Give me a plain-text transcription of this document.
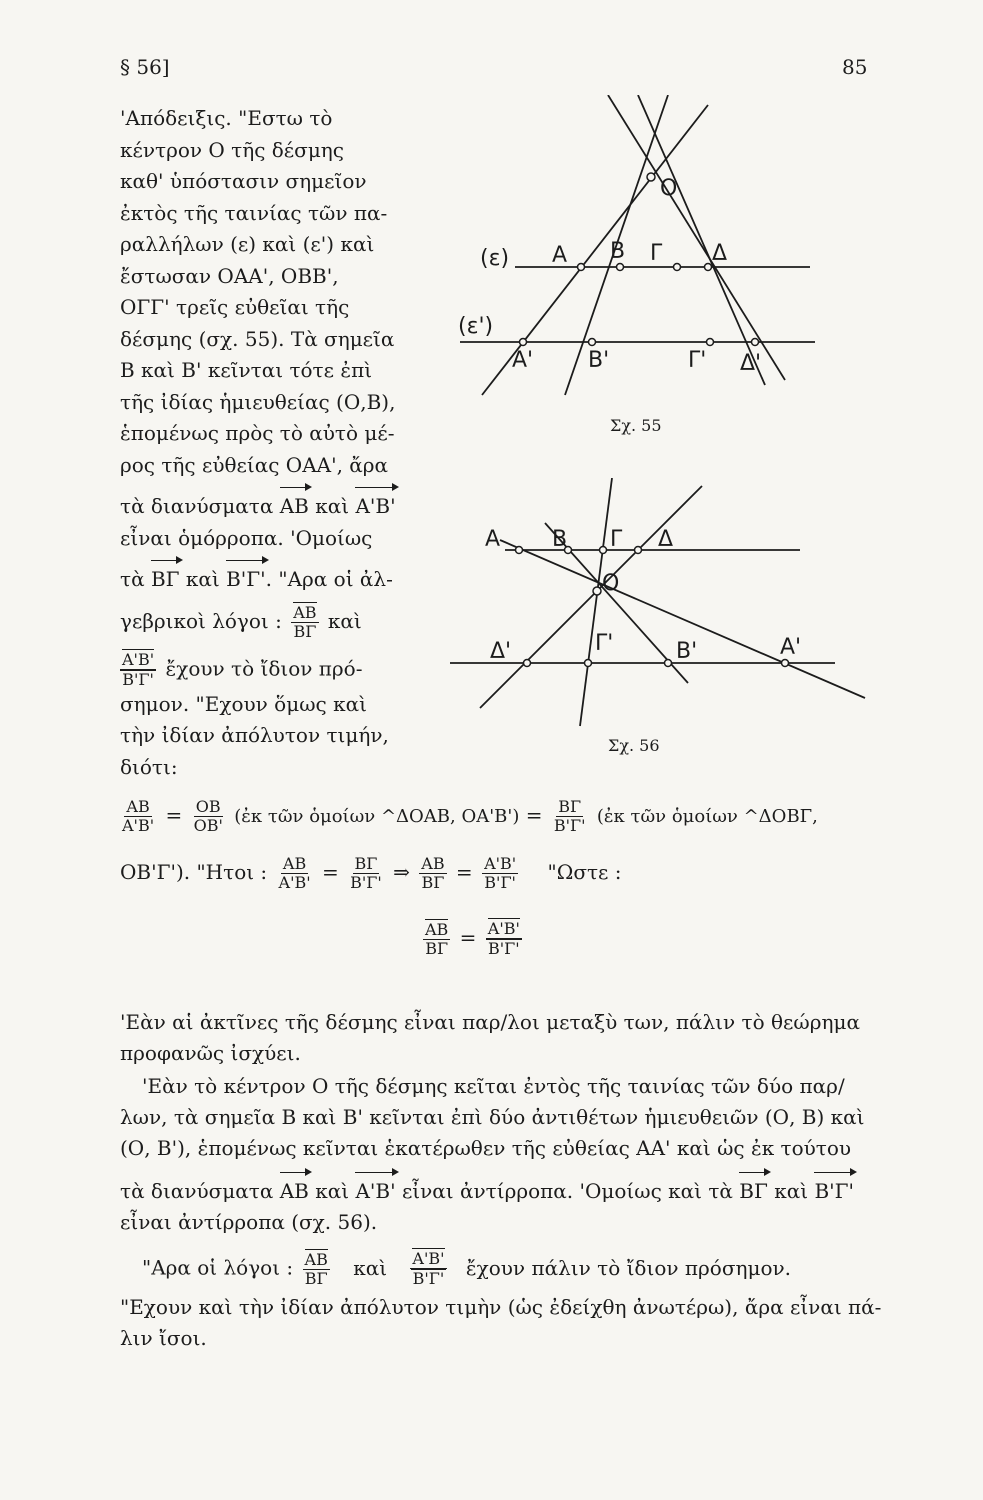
§ 56]	85
'Απόδειξις. "Εστω τὸ
κέντρον Ο τῆς δέσμης
καθ' ὑπόστασιν σημεῖον
ἐκτὸς τῆς ταινίας τῶν πα-
ραλλήλων (ε) καὶ (ε') καὶ
ἔστωσαν ΟΑΑ', ΟΒΒ',
ΟΓΓ' τρεῖς εὐθεῖαι τῆς
δέσμης (σχ. 55). Τὰ σημεῖα
Β καὶ Β' κεῖνται τότε ἐπὶ
τῆς ἰδίας ἡμιευθείας (Ο,Β),
ἑπομένως πρὸς τὸ αὐτὸ μέ-
ρος τῆς εὐθείας ΟΑΑ', ἄρα
τὰ διανύσματα ΑΒ καὶ Α'Β'
εἶναι ὁμόρροπα. 'Ομοίως
τὰ ΒΓ καὶ Β'Γ'. "Αρα οἱ ἀλ-
γεβρικοὶ λόγοι : $\frac{AB}{B\Gamma}$ καὶ
$\frac{A'B'}{B'\Gamma'}$ ἔχουν τὸ ἴδιον πρό-
σημον. "Εχουν ὅμως καὶ
τὴν ἰδίαν ἀπόλυτον τιμήν,
διότι:
Ο
(ε)
(ε')
Α Β Γ Δ
Α' Β'	Γ' Δ'
Σχ. 55
Α Β Γ Δ
Ο
Δ'	Γ'	Β'	Α'
Σχ. 56
$\frac{AB}{A'B'} = \frac{OB}{OB'}$ (ἐκ τῶν ὁμοίων ^ΔΟΑΒ, $OA'B') = \frac{B\Gamma}{B'\Gamma'}$ (ἐκ τῶν ὁμοίων ^ΔΟΒΓ,
ΟΒ'Γ'). "Ητοι : $\frac{AB}{A'B'} = \frac{B\Gamma}{B'\Gamma'}$ ⇒ $\frac{AB}{B\Gamma} = \frac{A'B'}{B'\Gamma'}$ "Ωστε :
$\frac{AB}{B\Gamma} = \frac{A'B'}{B'\Gamma'}$
'Εὰν αἱ ἀκτῖνες τῆς δέσμης εἶναι παρ/λοι μεταξὺ των, πάλιν τὸ θεώρημα
προφανῶς ἰσχύει.
'Εὰν τὸ κέντρον Ο τῆς δέσμης κεῖται ἐντὸς τῆς ταινίας τῶν δύο παρ/
λων, τὰ σημεῖα Β καὶ Β' κεῖνται ἐπὶ δύο ἀντιθέτων ἡμιευθειῶν (Ο, Β) καὶ
(Ο, Β'), ἑπομένως κεῖνται ἑκατέρωθεν τῆς εὐθείας ΑΑ' καὶ ὡς ἐκ τούτου
τὰ διανύσματα ΑΒ καὶ Α'Β' εἶναι ἀντίρροπα. 'Ομοίως καὶ τὰ ΒΓ καὶ Β'Γ'
εἶναι ἀντίρροπα (σχ. 56).
"Αρα οἱ λόγοι : $\frac{AB}{B\Gamma}$ καὶ $\frac{A'B'}{B'\Gamma'}$ ἔχουν πάλιν τὸ ἴδιον πρόσημον.
"Εχουν καὶ τὴν ἰδίαν ἀπόλυτον τιμὴν (ὡς ἐδείχθη ἀνωτέρω), ἄρα εἶναι πά-
λιν ἴσοι.
